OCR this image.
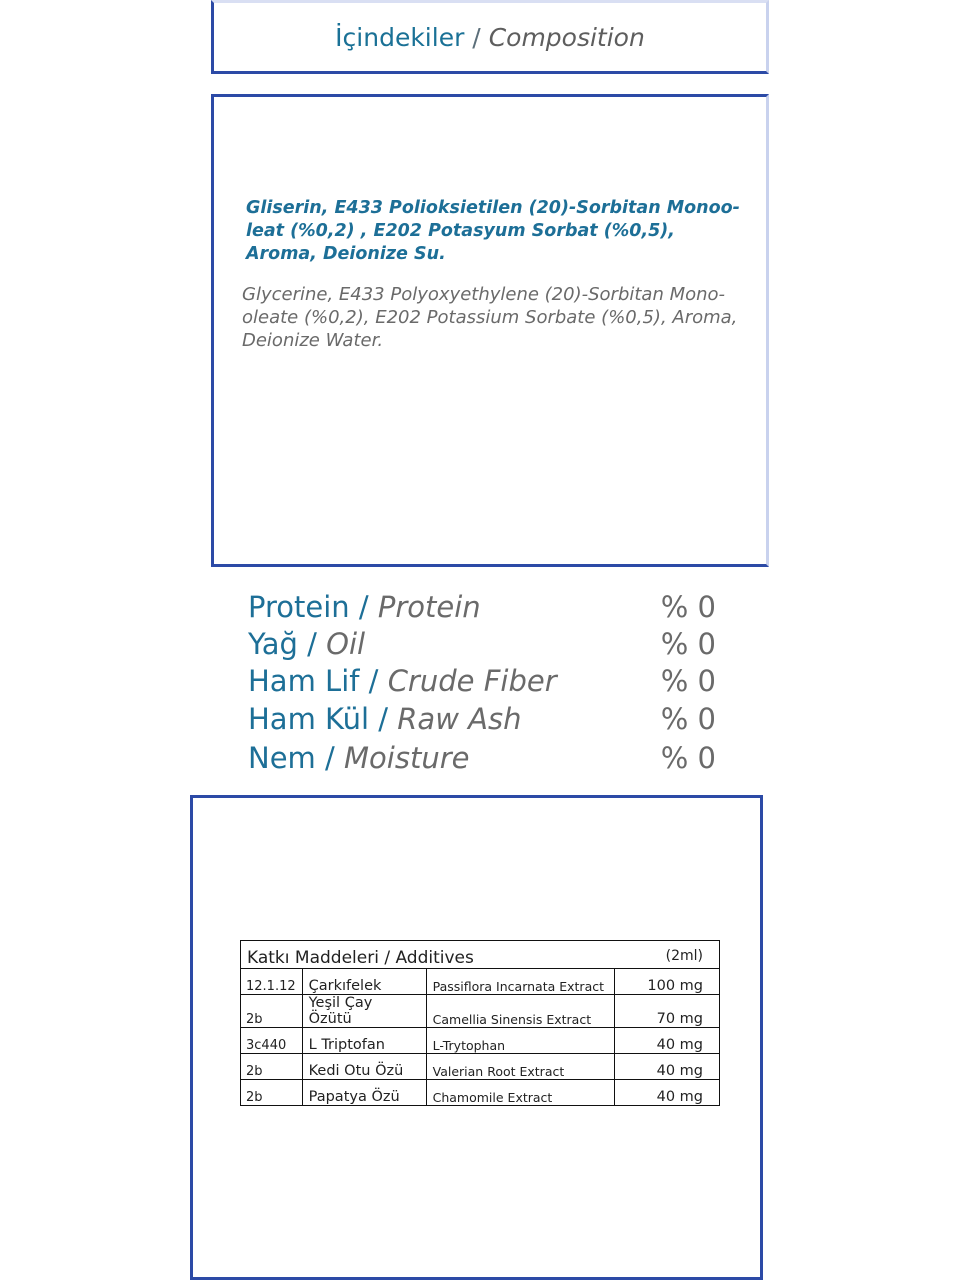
İçindekiler / Composition

Gliserin, E433 Polioksietilen (20)-Sorbitan Monoo-leat (%0,2) , E202 Potasyum Sorbat (%0,5), Aroma, Deionize Su.

Glycerine, E433 Polyoxyethylene (20)-Sorbitan Mono-oleate (%0,2), E202 Potassium Sorbate (%0,5), Aroma, Deionize Water.

Protein / Protein	% 0
Yağ / Oil	% 0
Ham Lif / Crude Fiber	% 0
Ham Kül / Raw Ash	% 0
Nem / Moisture	% 0
Katkı Maddeleri / Additives (2ml)			

12.1.12	Çarkıfelek	Passiflora Incarnata Extract	100 mg
2b	Yeşil Çay Özütü	Camellia Sinensis Extract	70 mg
3c440	L Triptofan	L-Trytophan	40 mg
2b	Kedi Otu Özü	Valerian Root Extract	40 mg
2b	Papatya Özü	Chamomile Extract	40 mg
